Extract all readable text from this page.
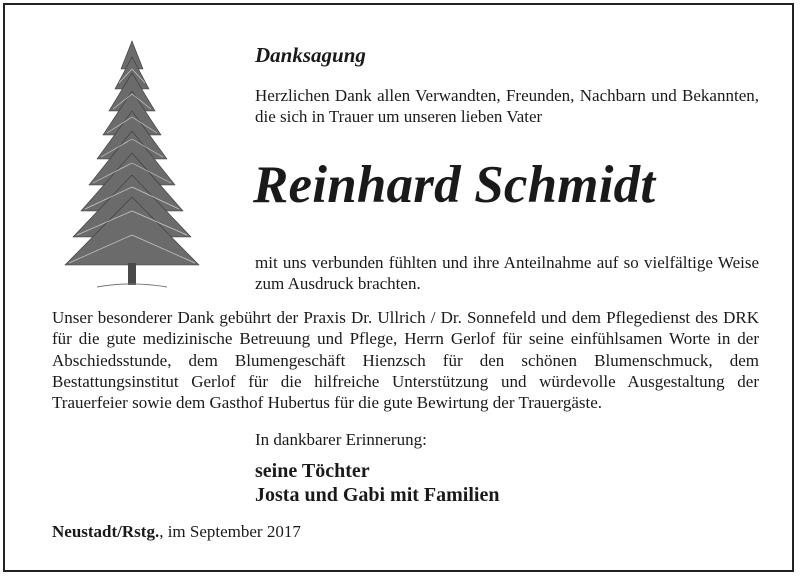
Danksagung
Herzlichen Dank allen Verwandten, Freunden, Nachbarn und Bekannten, die sich in Trauer um unseren lieben Vater
Reinhard Schmidt
mit uns verbunden fühlten und ihre Anteilnahme auf so vielfältige Weise zum Ausdruck brachten.
Unser besonderer Dank gebührt der Praxis Dr. Ullrich / Dr. Sonnefeld und dem Pflegedienst des DRK für die gute medizinische Betreuung und Pflege, Herrn Gerlof für seine einfühlsamen Worte in der Abschiedsstunde, dem Blumengeschäft Hienzsch für den schönen Blumenschmuck, dem Bestattungsinstitut Gerlof für die hilfreiche Unterstützung und würdevolle Ausgestaltung der Trauerfeier sowie dem Gasthof Hubertus für die gute Bewirtung der Trauergäste.
In dankbarer Erinnerung:
seine Töchter
Josta und Gabi mit Familien
Neustadt/Rstg., im September 2017
